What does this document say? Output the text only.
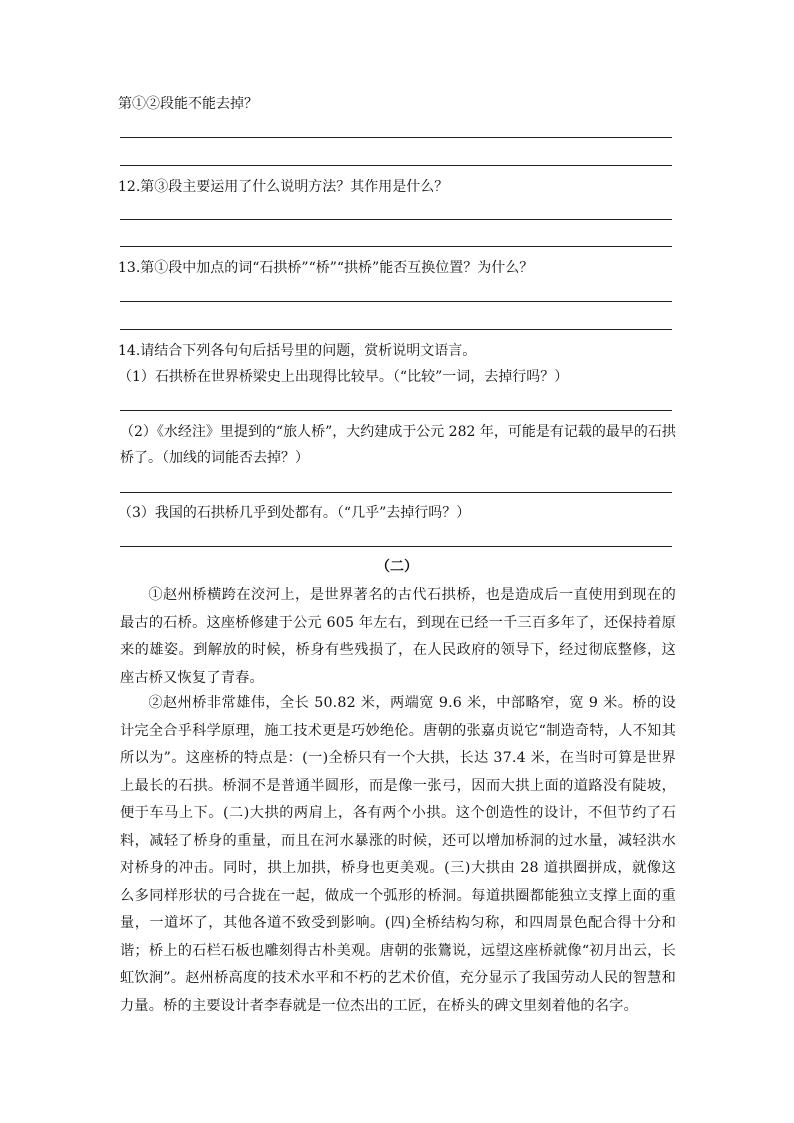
第①②段能不能去掉？
12.第③段主要运用了什么说明方法？其作用是什么？
13.第①段中加点的词“石拱桥”“桥”“拱桥”能否互换位置？为什么？
14.请结合下列各句句后括号里的问题，赏析说明文语言。
（1）石拱桥在世界桥梁史上出现得比较早。（“比较”一词，去掉行吗？）
（2）《水经注》里提到的“旅人桥”，大约建成于公元 282 年，可能是有记载的最早的石拱桥了。（加线的词能否去掉？）
（3）我国的石拱桥几乎到处都有。（“几乎”去掉行吗？）
（二）
①赵州桥横跨在洨河上，是世界著名的古代石拱桥，也是造成后一直使用到现在的最古的石桥。这座桥修建于公元 605 年左右，到现在已经一千三百多年了，还保持着原来的雄姿。到解放的时候，桥身有些残损了，在人民政府的领导下，经过彻底整修，这座古桥又恢复了青春。
②赵州桥非常雄伟，全长 50.82 米，两端宽 9.6 米，中部略窄，宽 9 米。桥的设计完全合乎科学原理，施工技术更是巧妙绝伦。唐朝的张嘉贞说它“制造奇特，人不知其所以为”。这座桥的特点是：(一)全桥只有一个大拱，长达 37.4 米，在当时可算是世界上最长的石拱。桥洞不是普通半圆形，而是像一张弓，因而大拱上面的道路没有陡坡，便于车马上下。(二)大拱的两肩上，各有两个小拱。这个创造性的设计，不但节约了石料，减轻了桥身的重量，而且在河水暴涨的时候，还可以增加桥洞的过水量，减轻洪水对桥身的冲击。同时，拱上加拱，桥身也更美观。(三)大拱由 28 道拱圈拼成，就像这么多同样形状的弓合拢在一起，做成一个弧形的桥洞。每道拱圈都能独立支撑上面的重量，一道坏了，其他各道不致受到影响。(四)全桥结构匀称，和四周景色配合得十分和谐；桥上的石栏石板也雕刻得古朴美观。唐朝的张鷟说，远望这座桥就像“初月出云，长虹饮涧”。赵州桥高度的技术水平和不朽的艺术价值，充分显示了我国劳动人民的智慧和力量。桥的主要设计者李春就是一位杰出的工匠，在桥头的碑文里刻着他的名字。
